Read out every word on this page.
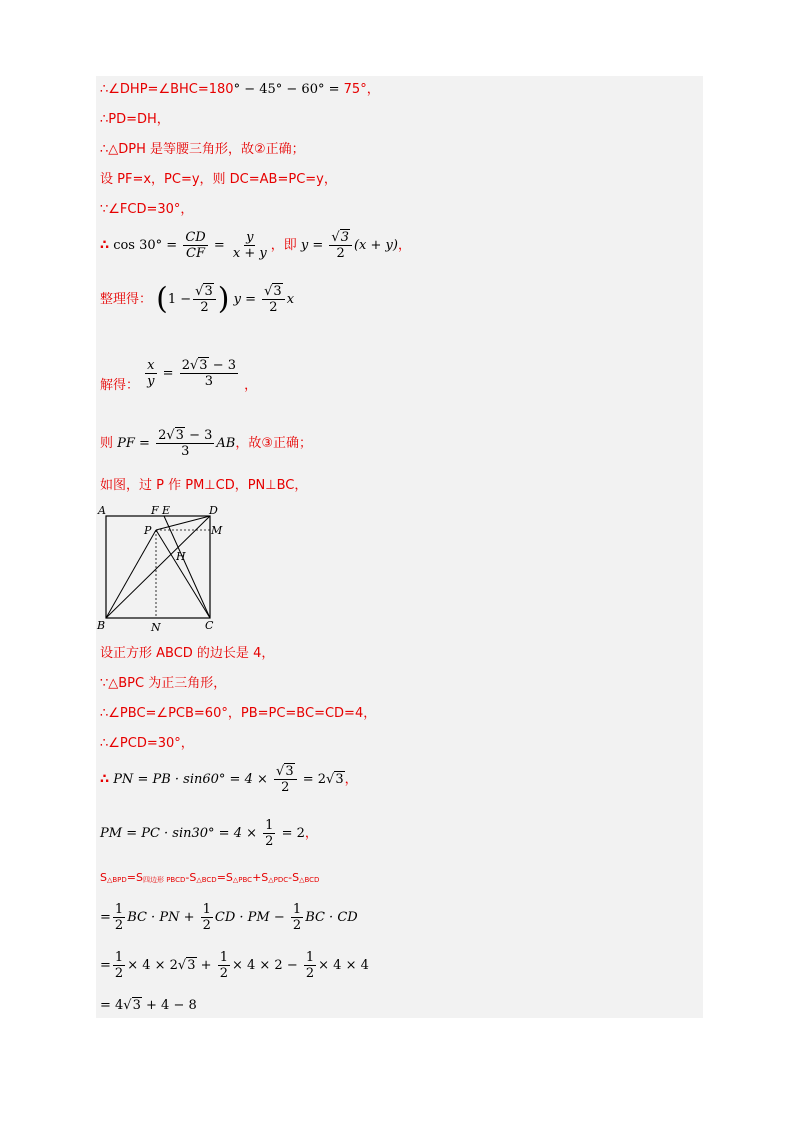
∴∠DHP=∠BHC=180° − 45° − 60° = 75°，
∴PD=DH，
∴△DPH 是等腰三角形，故②正确；
设 PF=x，PC=y，则 DC=AB=PC=y，
∵∠FCD=30°，
∴ $\cos 30^\circ = \frac{CD}{CF} = \frac{y}{x + y}$ ，即 $y = \frac{√3}{2} (x + y)$，
整理得： ($1 - \frac{√3}{2}$ ) $y = \frac{√3}{2}$ x
解得： $\frac{x}{y} = \frac{2√3 - 3}{3}$ ，
则 PF = $\frac{2√3 - 3}{3}$ AB，故③正确；
如图，过 P 作 PM⊥CD，PN⊥BC，
A	F E	D
P	M
H
B	N	C
设正方形 ABCD 的边长是 4，
∵△BPC 为正三角形，
∴∠PBC=∠PCB=60°，PB=PC=BC=CD=4，
∴∠PCD=30°，
∴ PN = PB · $\sin 60^\circ = 4 \times \frac{√3}{2} = 2√3$，
PM = PC · $\sin 30^\circ = 4 \times \frac{1}{2} = 2$，
S△BPD=S四边形 PBCD-S△BCD=S△PBC+S△PDC-S△BCD
= $\frac{1}{2}$ BC · PN + $\frac{1}{2}$ CD · PM − $\frac{1}{2}$ BC · CD
= $\frac{1}{2} \times 4 \times 2√3 + \frac{1}{2} \times 4 \times 2 - \frac{1}{2} \times 4 \times 4$
= 4√3 + 4 − 8
